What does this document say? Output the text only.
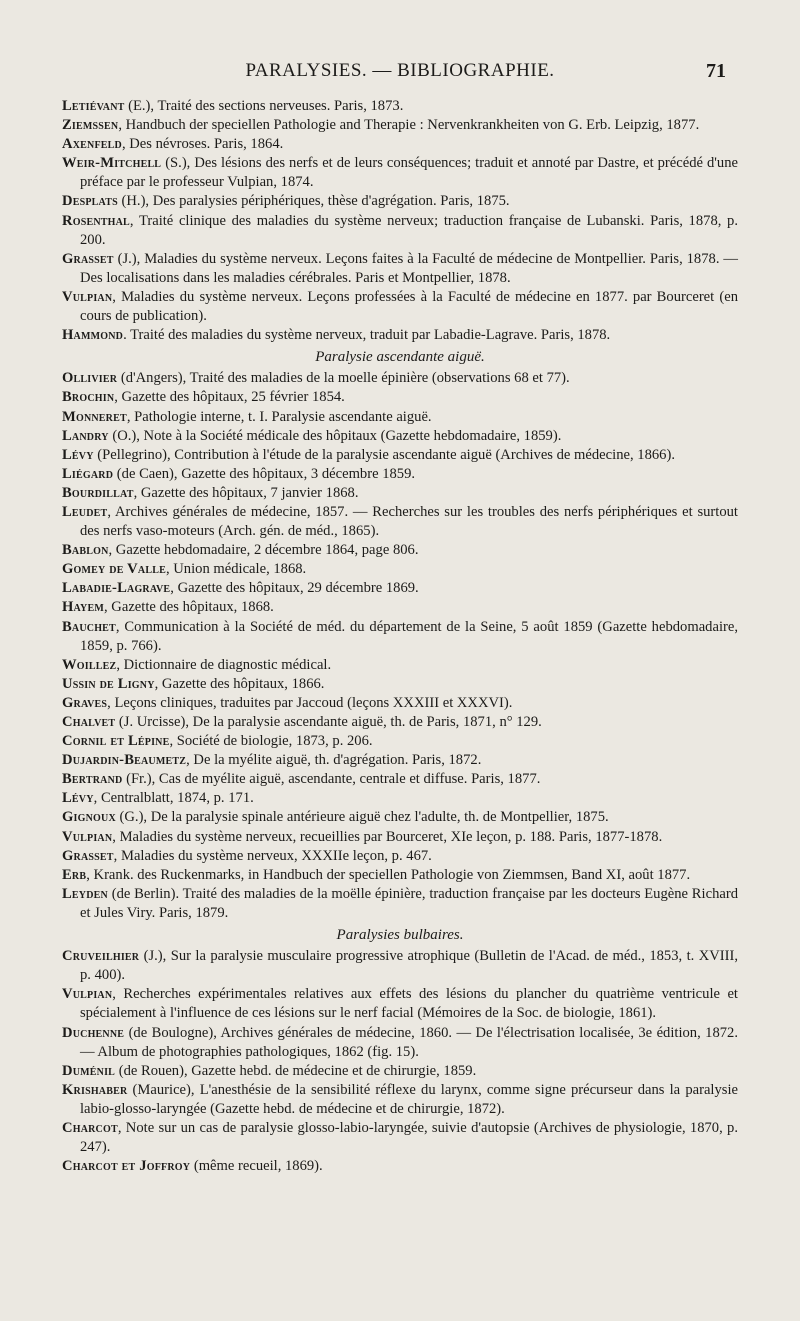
PARALYSIES. — BIBLIOGRAPHIE.	71
Letiévant (E.), Traité des sections nerveuses. Paris, 1873.
Ziemssen, Handbuch der speciellen Pathologie and Therapie : Nervenkrankheiten von G. Erb. Leipzig, 1877.
Axenfeld, Des névroses. Paris, 1864.
Weir-Mitchell (S.), Des lésions des nerfs et de leurs conséquences; traduit et annoté par Dastre, et précédé d'une préface par le professeur Vulpian, 1874.
Desplats (H.), Des paralysies périphériques, thèse d'agrégation. Paris, 1875.
Rosenthal, Traité clinique des maladies du système nerveux; traduction française de Lubanski. Paris, 1878, p. 200.
Grasset (J.), Maladies du système nerveux. Leçons faites à la Faculté de médecine de Montpellier. Paris, 1878. — Des localisations dans les maladies cérébrales. Paris et Montpellier, 1878.
Vulpian, Maladies du système nerveux. Leçons professées à la Faculté de médecine en 1877. par Bourceret (en cours de publication).
Hammond. Traité des maladies du système nerveux, traduit par Labadie-Lagrave. Paris, 1878.
Paralysie ascendante aiguë.
Ollivier (d'Angers), Traité des maladies de la moelle épinière (observations 68 et 77).
Brochin, Gazette des hôpitaux, 25 février 1854.
Monneret, Pathologie interne, t. I. Paralysie ascendante aiguë.
Landry (O.), Note à la Société médicale des hôpitaux (Gazette hebdomadaire, 1859).
Lévy (Pellegrino), Contribution à l'étude de la paralysie ascendante aiguë (Archives de médecine, 1866).
Liégard (de Caen), Gazette des hôpitaux, 3 décembre 1859.
Bourdillat, Gazette des hôpitaux, 7 janvier 1868.
Leudet, Archives générales de médecine, 1857. — Recherches sur les troubles des nerfs périphériques et surtout des nerfs vaso-moteurs (Arch. gén. de méd., 1865).
Bablon, Gazette hebdomadaire, 2 décembre 1864, page 806.
Gomey de Valle, Union médicale, 1868.
Labadie-Lagrave, Gazette des hôpitaux, 29 décembre 1869.
Hayem, Gazette des hôpitaux, 1868.
Bauchet, Communication à la Société de méd. du département de la Seine, 5 août 1859 (Gazette hebdomadaire, 1859, p. 766).
Woillez, Dictionnaire de diagnostic médical.
Ussin de Ligny, Gazette des hôpitaux, 1866.
Graves, Leçons cliniques, traduites par Jaccoud (leçons XXXIII et XXXVI).
Chalvet (J. Urcisse), De la paralysie ascendante aiguë, th. de Paris, 1871, n° 129.
Cornil et Lépine, Société de biologie, 1873, p. 206.
Dujardin-Beaumetz, De la myélite aiguë, th. d'agrégation. Paris, 1872.
Bertrand (Fr.), Cas de myélite aiguë, ascendante, centrale et diffuse. Paris, 1877.
Lévy, Centralblatt, 1874, p. 171.
Gignoux (G.), De la paralysie spinale antérieure aiguë chez l'adulte, th. de Montpellier, 1875.
Vulpian, Maladies du système nerveux, recueillies par Bourceret, XIe leçon, p. 188. Paris, 1877-1878.
Grasset, Maladies du système nerveux, XXXIIe leçon, p. 467.
Erb, Krank. des Ruckenmarks, in Handbuch der speciellen Pathologie von Ziemmsen, Band XI, août 1877.
Leyden (de Berlin). Traité des maladies de la moëlle épinière, traduction française par les docteurs Eugène Richard et Jules Viry. Paris, 1879.
Paralysies bulbaires.
Cruveilhier (J.), Sur la paralysie musculaire progressive atrophique (Bulletin de l'Acad. de méd., 1853, t. XVIII, p. 400).
Vulpian, Recherches expérimentales relatives aux effets des lésions du plancher du quatrième ventricule et spécialement à l'influence de ces lésions sur le nerf facial (Mémoires de la Soc. de biologie, 1861).
Duchenne (de Boulogne), Archives générales de médecine, 1860. — De l'électrisation localisée, 3e édition, 1872. — Album de photographies pathologiques, 1862 (fig. 15).
Duménil (de Rouen), Gazette hebd. de médecine et de chirurgie, 1859.
Krishaber (Maurice), L'anesthésie de la sensibilité réflexe du larynx, comme signe précurseur dans la paralysie labio-glosso-laryngée (Gazette hebd. de médecine et de chirurgie, 1872).
Charcot, Note sur un cas de paralysie glosso-labio-laryngée, suivie d'autopsie (Archives de physiologie, 1870, p. 247).
Charcot et Joffroy (même recueil, 1869).
